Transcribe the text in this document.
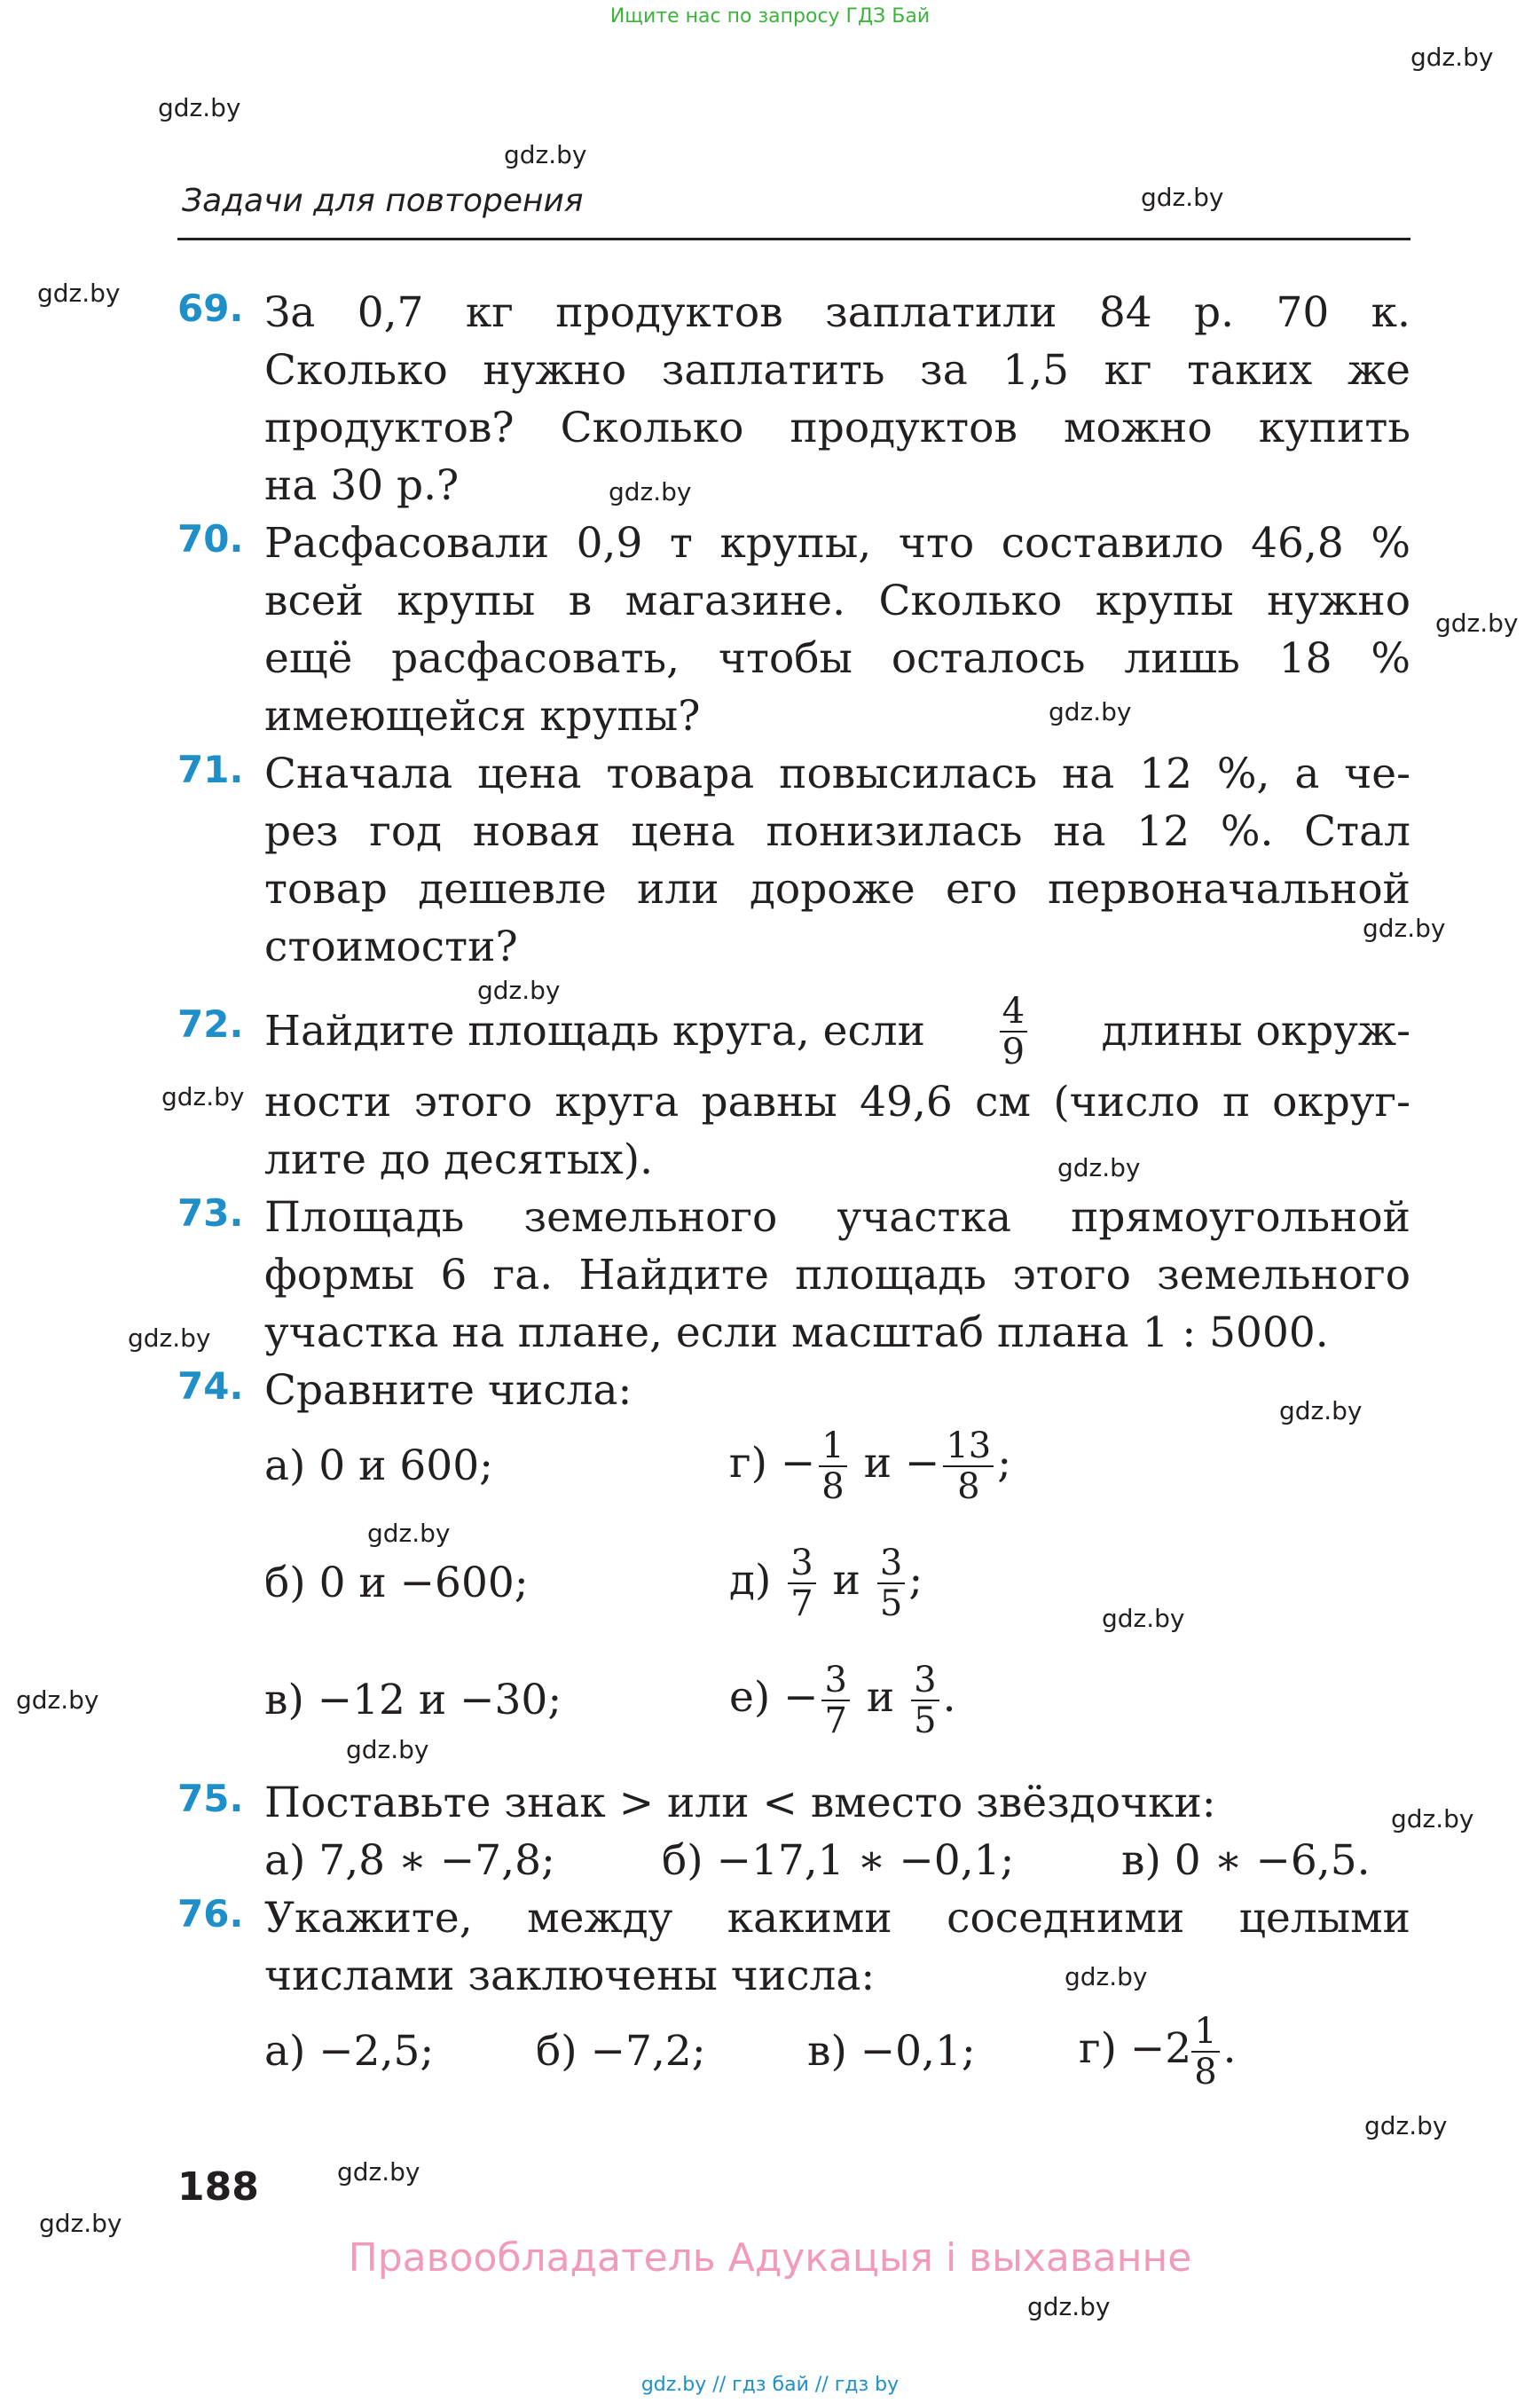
Ищите нас по запросу ГДЗ Бай
gdz.by
gdz.by
gdz.by
gdz.by
gdz.by
gdz.by
gdz.by
gdz.by
gdz.by
gdz.by
gdz.by
gdz.by
gdz.by
gdz.by
gdz.by
gdz.by
gdz.by
gdz.by
gdz.by
gdz.by
gdz.by
gdz.by
gdz.by
gdz.by
Задачи для повторения
69. За 0,7 кг продуктов заплатили 84 р. 70 к.
Сколько нужно заплатить за 1,5 кг таких же
продуктов? Сколько продуктов можно купить
на 30 р.?
70. Расфасовали 0,9 т крупы, что составило 46,8 %
всей крупы в магазине. Сколько крупы нужно
ещё расфасовать, чтобы осталось лишь 18 %
имеющейся крупы?
71. Сначала цена товара повысилась на 12 %, а че-
рез год новая цена понизилась на 12 %. Стал
товар дешевле или дороже его первоначальной
стоимости?
72. Найдите площадь круга, если $\frac{4}{9}$ длины окруж-
ности этого круга равны 49,6 см (число π округ-
лите до десятых).
73. Площадь земельного участка прямоугольной
формы 6 га. Найдите площадь этого земельного
участка на плане, если масштаб плана 1 : 5000.
74. Сравните числа:
а) 0 и 600;
б) 0 и −600;
в) −12 и −30;
$г) - \frac{1}{8}$ $и - \frac{13}{8}$ ;
$д) \frac{3}{7}$ и $\frac{3}{5}$ ;
$е) - \frac{3}{7}$ и $\frac{3}{5}$ .
75. Поставьте знак > или < вместо звёздочки:
а) 7,8 ∗ −7,8;	б) −17,1 ∗ −0,1;	в) 0 ∗ −6,5.
76. Укажите, между какими соседними целыми
числами заключены числа:
а) −2,5; б) −7,2; в) −0,1; $г) -2 \frac{1}{8}$ .
188
Правообладатель Адукацыя і выхаванне
gdz.by // гдз бай // гдз by
